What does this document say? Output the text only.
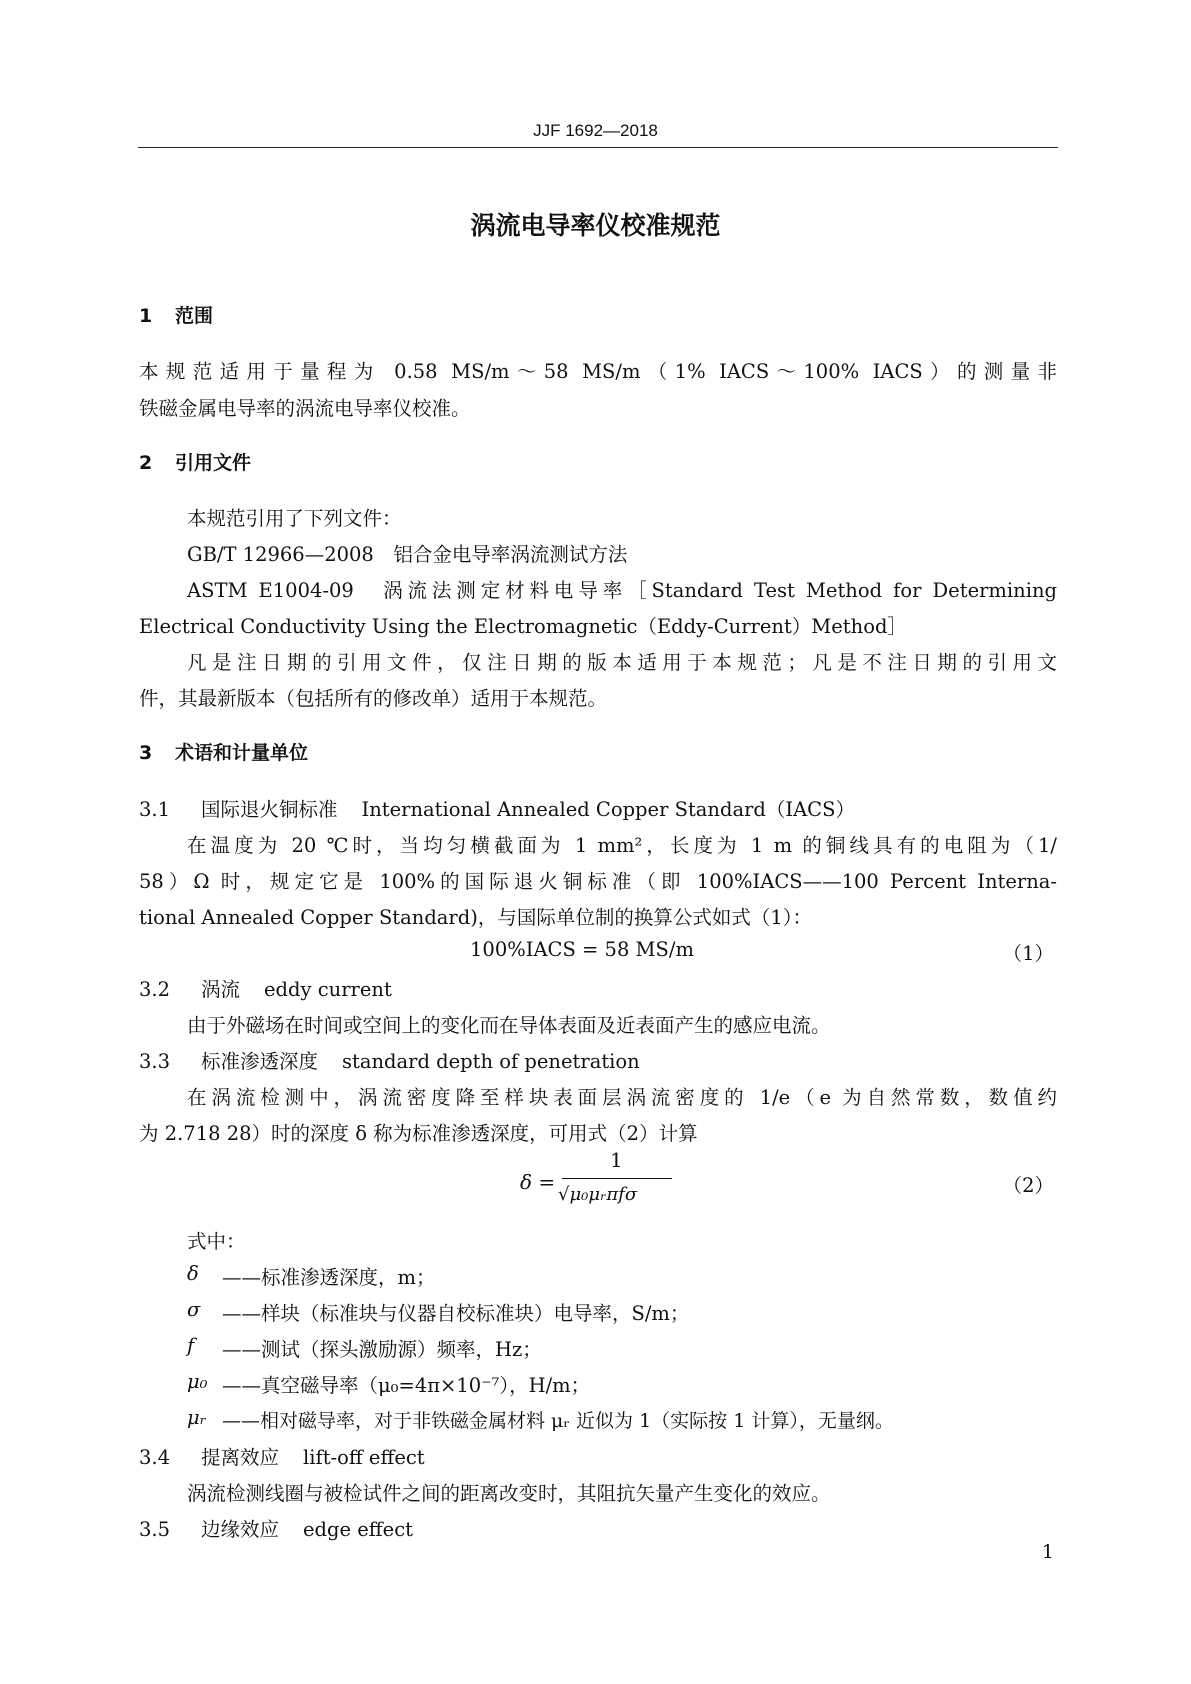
JJF 1692—2018
涡流电导率仪校准规范
1 范围
本规范适用于量程为 0.58 MS/m～58 MS/m（1% IACS～100% IACS）的测量非
铁磁金属电导率的涡流电导率仪校准。
2 引用文件
本规范引用了下列文件：
GB/T 12966—2008　铝合金电导率涡流测试方法
ASTM E1004-09　涡流法测定材料电导率［Standard Test Method for Determining
Electrical Conductivity Using the Electromagnetic（Eddy-Current）Method］
凡是注日期的引用文件，仅注日期的版本适用于本规范；凡是不注日期的引用文
件，其最新版本（包括所有的修改单）适用于本规范。
3 术语和计量单位
3.1 国际退火铜标准 International Annealed Copper Standard（IACS）
在温度为 20 ℃时，当均匀横截面为 1 mm²，长度为 1 m 的铜线具有的电阻为（1/
58）Ω 时，规定它是 100%的国际退火铜标准（即 100%IACS——100 Percent Interna-
tional Annealed Copper Standard)，与国际单位制的换算公式如式（1）：
100%IACS = 58 MS/m	（1）
3.2 涡流 eddy current
由于外磁场在时间或空间上的变化而在导体表面及近表面产生的感应电流。
3.3 标准渗透深度 standard depth of penetration
在涡流检测中，涡流密度降至样块表面层涡流密度的 1/e（e 为自然常数，数值约
为 2.718 28）时的深度 δ 称为标准渗透深度，可用式（2）计算
δ =
1
√μ₀μᵣπfσ	（2）
式中：
δ ——标准渗透深度，m；
σ ——样块（标准块与仪器自校标准块）电导率，S/m；
f ——测试（探头激励源）频率，Hz；
μ₀ ——真空磁导率（μ₀=4π×10⁻⁷），H/m；
μᵣ ——相对磁导率，对于非铁磁金属材料 μᵣ 近似为 1（实际按 1 计算），无量纲。
3.4 提离效应 lift-off effect
涡流检测线圈与被检试件之间的距离改变时，其阻抗矢量产生变化的效应。
3.5 边缘效应 edge effect
1
